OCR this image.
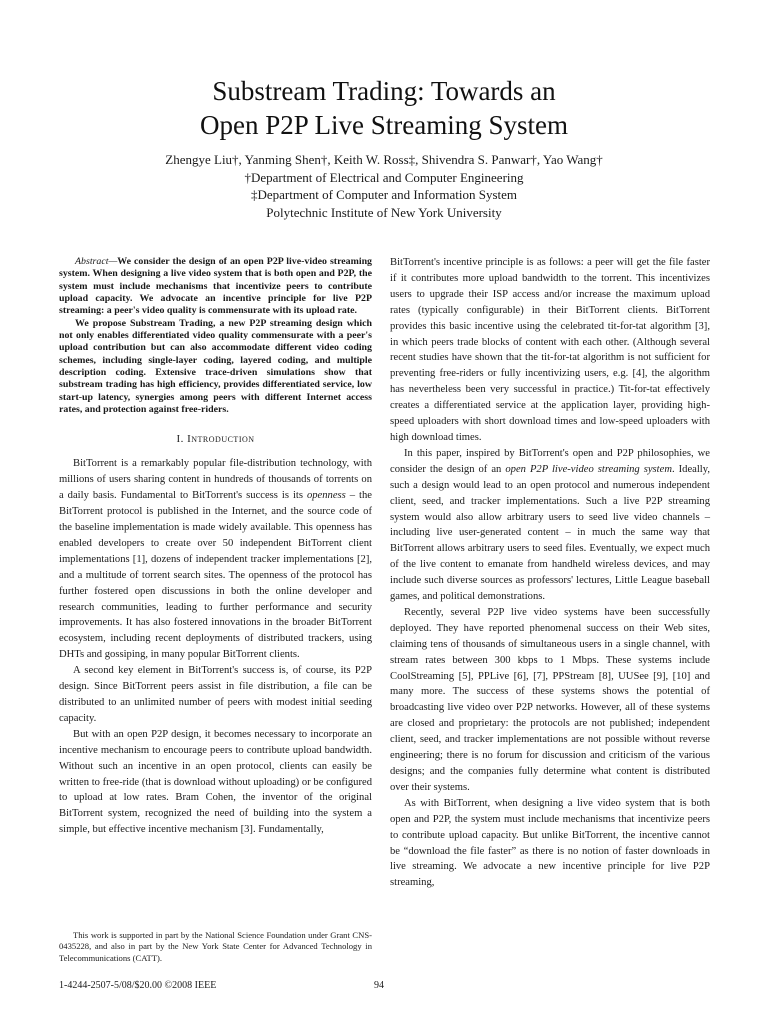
Substream Trading: Towards an
Open P2P Live Streaming System
Zhengye Liu†, Yanming Shen†, Keith W. Ross‡, Shivendra S. Panwar†, Yao Wang†
†Department of Electrical and Computer Engineering
‡Department of Computer and Information System
Polytechnic Institute of New York University

Abstract—We consider the design of an open P2P live-video streaming system. When designing a live video system that is both open and P2P, the system must include mechanisms that incentivize peers to contribute upload capacity. We advocate an incentive principle for live P2P streaming: a peer's video quality is commensurate with its upload rate.

We propose Substream Trading, a new P2P streaming design which not only enables differentiated video quality commensurate with a peer's upload contribution but can also accommodate different video coding schemes, including single-layer coding, layered coding, and multiple description coding. Extensive trace-driven simulations show that substream trading has high efficiency, provides differentiated service, low start-up latency, synergies among peers with different Internet access rates, and protection against free-riders.

I. Introduction

BitTorrent is a remarkably popular file-distribution technology, with millions of users sharing content in hundreds of thousands of torrents on a daily basis. Fundamental to BitTorrent's success is its openness – the BitTorrent protocol is published in the Internet, and the source code of the baseline implementation is made widely available. This openness has enabled developers to create over 50 independent BitTorrent client implementations [1], dozens of independent tracker implementations [2], and a multitude of torrent search sites. The openness of the protocol has further fostered open discussions in both the online developer and research communities, leading to further performance and security improvements. It has also fostered innovations in the broader BitTorrent ecosystem, including recent deployments of distributed trackers, using DHTs and gossiping, in many popular BitTorrent clients.

A second key element in BitTorrent's success is, of course, its P2P design. Since BitTorrent peers assist in file distribution, a file can be distributed to an unlimited number of peers with modest initial seeding capacity.

But with an open P2P design, it becomes necessary to incorporate an incentive mechanism to encourage peers to contribute upload bandwidth. Without such an incentive in an open protocol, clients can easily be written to free-ride (that is download without uploading) or be configured to upload at low rates. Bram Cohen, the inventor of the original BitTorrent system, recognized the need of building into the system a simple, but effective incentive mechanism [3]. Fundamentally,

BitTorrent's incentive principle is as follows: a peer will get the file faster if it contributes more upload bandwidth to the torrent. This incentivizes users to upgrade their ISP access and/or increase the maximum upload rates (typically configurable) in their BitTorrent clients. BitTorrent provides this basic incentive using the celebrated tit-for-tat algorithm [3], in which peers trade blocks of content with each other. (Although several recent studies have shown that the tit-for-tat algorithm is not sufficient for preventing free-riders or fully incentivizing users, e.g. [4], the algorithm has nevertheless been very successful in practice.) Tit-for-tat effectively creates a differentiated service at the application layer, providing high-speed uploaders with short download times and low-speed uploaders with high download times.

In this paper, inspired by BitTorrent's open and P2P philosophies, we consider the design of an open P2P live-video streaming system. Ideally, such a design would lead to an open protocol and numerous independent client, seed, and tracker implementations. Such a live P2P streaming system would also allow arbitrary users to seed live video channels – including live user-generated content – in much the same way that BitTorrent allows arbitrary users to seed files. Eventually, we expect much of the live content to emanate from handheld wireless devices, and may include such diverse sources as professors' lectures, Little League baseball games, and political demonstrations.

Recently, several P2P live video systems have been successfully deployed. They have reported phenomenal success on their Web sites, claiming tens of thousands of simultaneous users in a single channel, with stream rates between 300 kbps to 1 Mbps. These systems include CoolStreaming [5], PPLive [6], [7], PPStream [8], UUSee [9], [10] and many more. The success of these systems shows the potential of broadcasting live video over P2P networks. However, all of these systems are closed and proprietary: the protocols are not published; independent client, seed, and tracker implementations are not possible without reverse engineering; there is no forum for discussion and criticism of the various designs; and the companies fully determine what content is distributed over their systems.

As with BitTorrent, when designing a live video system that is both open and P2P, the system must include mechanisms that incentivize peers to contribute upload capacity. But unlike BitTorrent, the incentive cannot be “download the file faster” as there is no notion of faster downloads in live streaming. We advocate a new incentive principle for live P2P streaming,

This work is supported in part by the National Science Foundation under Grant CNS-0435228, and also in part by the New York State Center for Advanced Technology in Telecommunications (CATT).
1-4244-2507-5/08/$20.00 ©2008 IEEE	94
